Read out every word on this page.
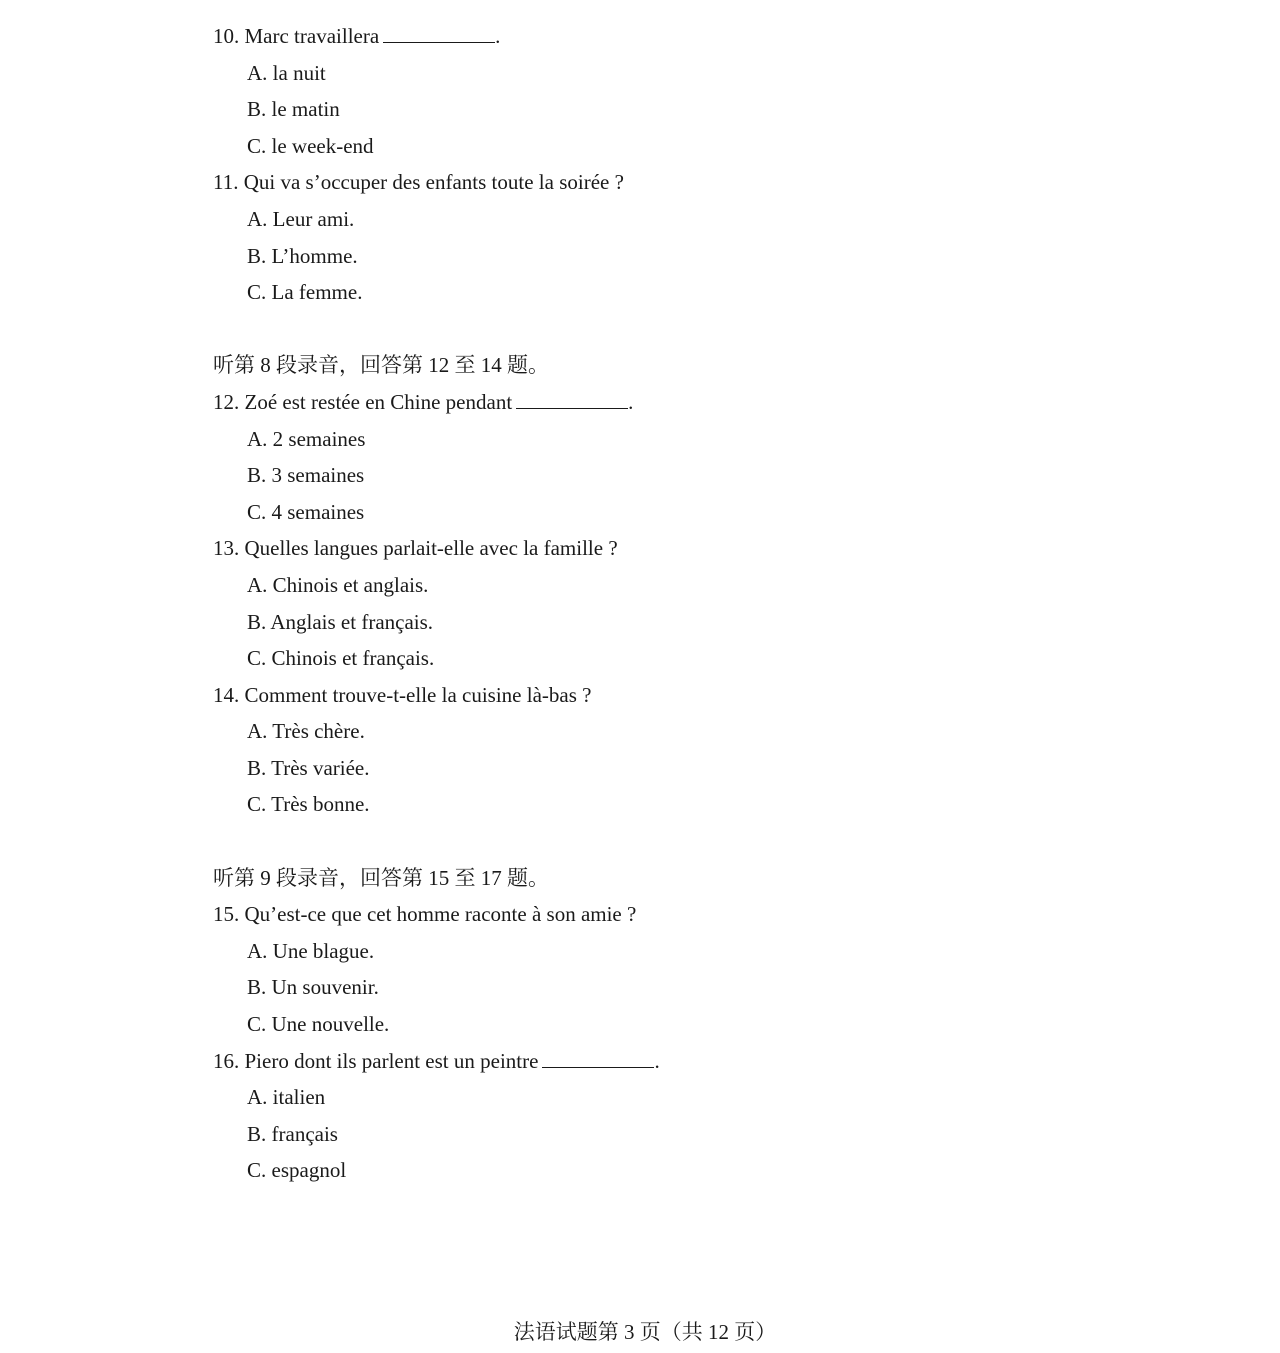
10. Marc travaillera	.
A. la nuit
B. le matin
C. le week-end
11. Qui va s’occuper des enfants toute la soirée ?
A. Leur ami.
B. L’homme.
C. La femme.
听第 8 段录音，回答第 12 至 14 题。
12. Zoé est restée en Chine pendant	.
A. 2 semaines
B. 3 semaines
C. 4 semaines
13. Quelles langues parlait-elle avec la famille ?
A. Chinois et anglais.
B. Anglais et français.
C. Chinois et français.
14. Comment trouve-t-elle la cuisine là-bas ?
A. Très chère.
B. Très variée.
C. Très bonne.
听第 9 段录音，回答第 15 至 17 题。
15. Qu’est-ce que cet homme raconte à son amie ?
A. Une blague.
B. Un souvenir.
C. Une nouvelle.
16. Piero dont ils parlent est un peintre	.
A. italien
B. français
C. espagnol
法语试题第 3 页（共 12 页）
